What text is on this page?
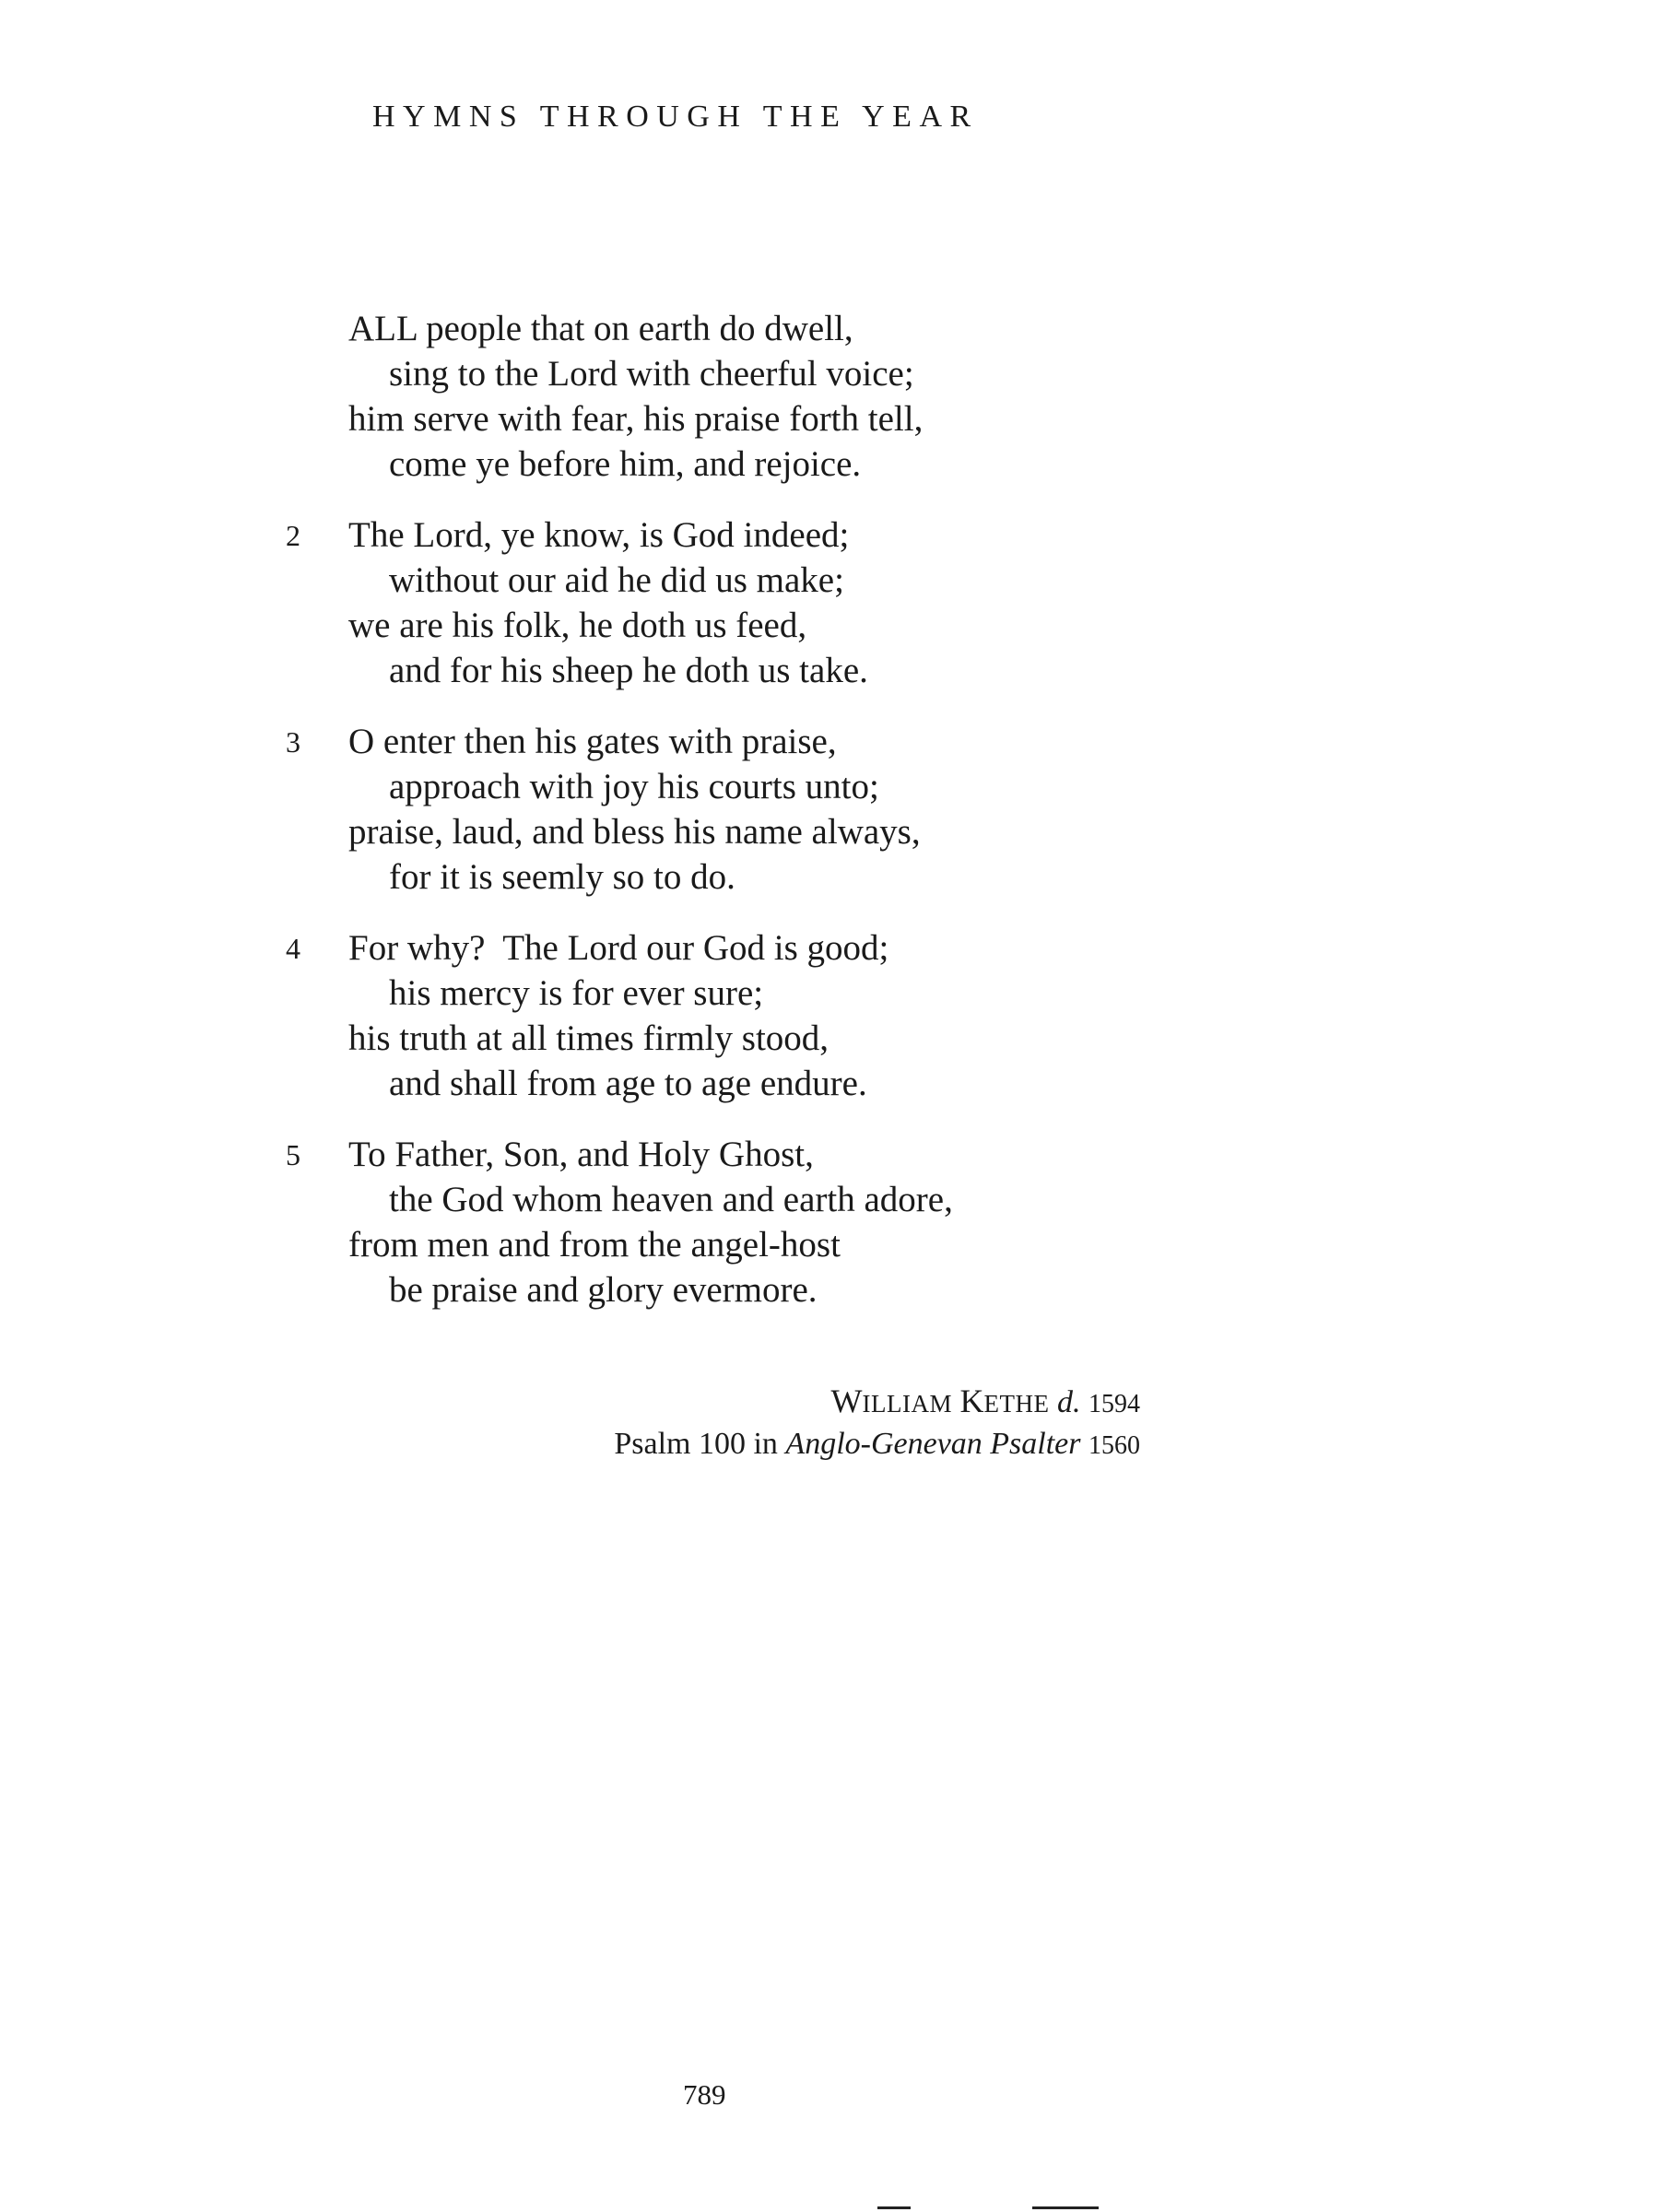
HYMNS THROUGH THE YEAR
ALL people that on earth do dwell,
sing to the Lord with cheerful voice;
him serve with fear, his praise forth tell,
come ye before him, and rejoice.
2 The Lord, ye know, is God indeed;
without our aid he did us make;
we are his folk, he doth us feed,
and for his sheep he doth us take.
3 O enter then his gates with praise,
approach with joy his courts unto;
praise, laud, and bless his name always,
for it is seemly so to do.
4 For why?  The Lord our God is good;
his mercy is for ever sure;
his truth at all times firmly stood,
and shall from age to age endure.
5 To Father, Son, and Holy Ghost,
the God whom heaven and earth adore,
from men and from the angel-host
be praise and glory evermore.
WILLIAM KETHE d. 1594
Psalm 100 in Anglo-Genevan Psalter 1560
789
